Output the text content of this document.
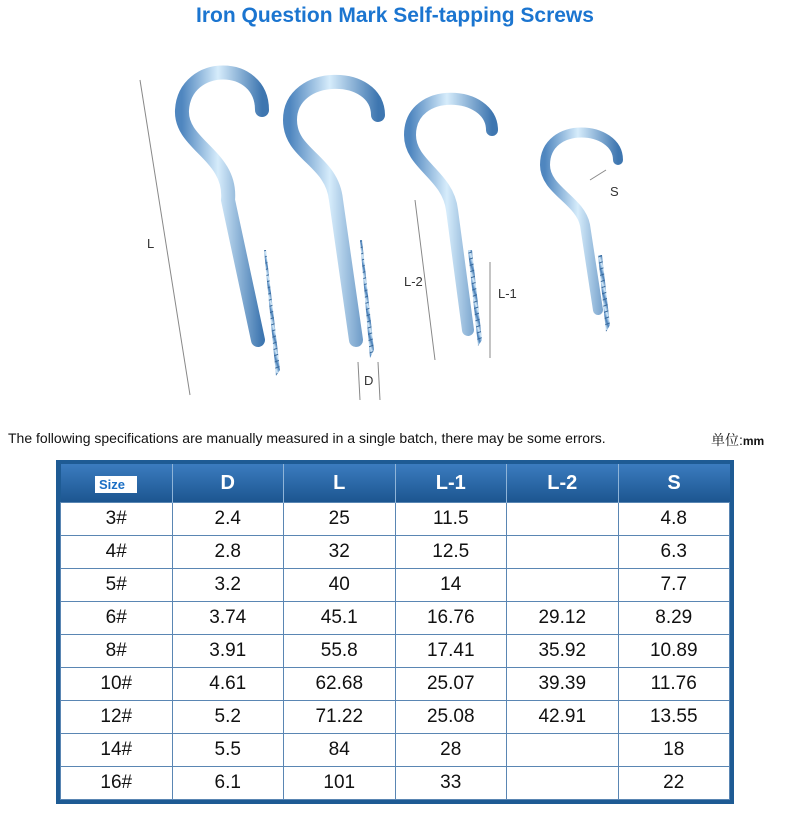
Iron Question Mark Self-tapping Screws
L
D
L-2
L-1
S
The following specifications are manually measured in a single batch, there may be some errors.	单位:mm
Size	D	L	L-1	L-2	S
3#	2.4	25	11.5		4.8
4#	2.8	32	12.5		6.3
5#	3.2	40	14		7.7
6#	3.74	45.1	16.76	29.12	8.29
8#	3.91	55.8	17.41	35.92	10.89
10#	4.61	62.68	25.07	39.39	11.76
12#	5.2	71.22	25.08	42.91	13.55
14#	5.5	84	28		18
16#	6.1	101	33		22
